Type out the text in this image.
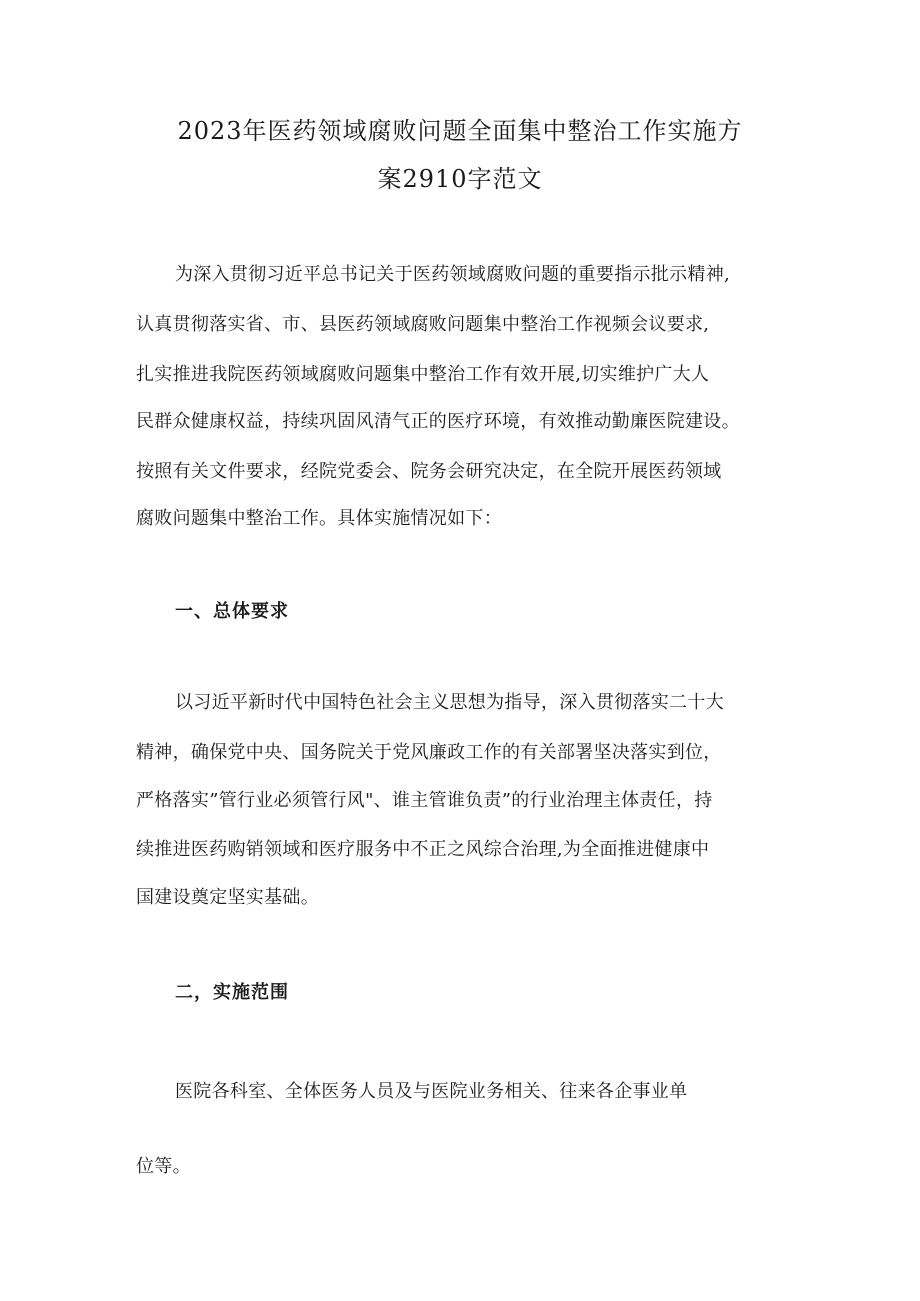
2023年医药领域腐败问题全面集中整治工作实施方
案2910字范文
为深入贯彻习近平总书记关于医药领域腐败问题的重要指示批示精神,
认真贯彻落实省、市、县医药领域腐败问题集中整治工作视频会议要求,
扎实推进我院医药领域腐败问题集中整治工作有效开展,切实维护广大人
民群众健康权益，持续巩固风清气正的医疗环境，有效推动勤廉医院建设。
按照有关文件要求，经院党委会、院务会研究决定，在全院开展医药领域
腐败问题集中整治工作。具体实施情况如下：
一、总体要求
以习近平新时代中国特色社会主义思想为指导，深入贯彻落实二十大
精神，确保党中央、国务院关于党风廉政工作的有关部署坚决落实到位，
严格落实”管行业必须管行风"、谁主管谁负责”的行业治理主体责任，持
续推进医药购销领域和医疗服务中不正之风综合治理,为全面推进健康中
国建设奠定坚实基础。
二，实施范围
医院各科室、全体医务人员及与医院业务相关、往来各企事业单
位等。
